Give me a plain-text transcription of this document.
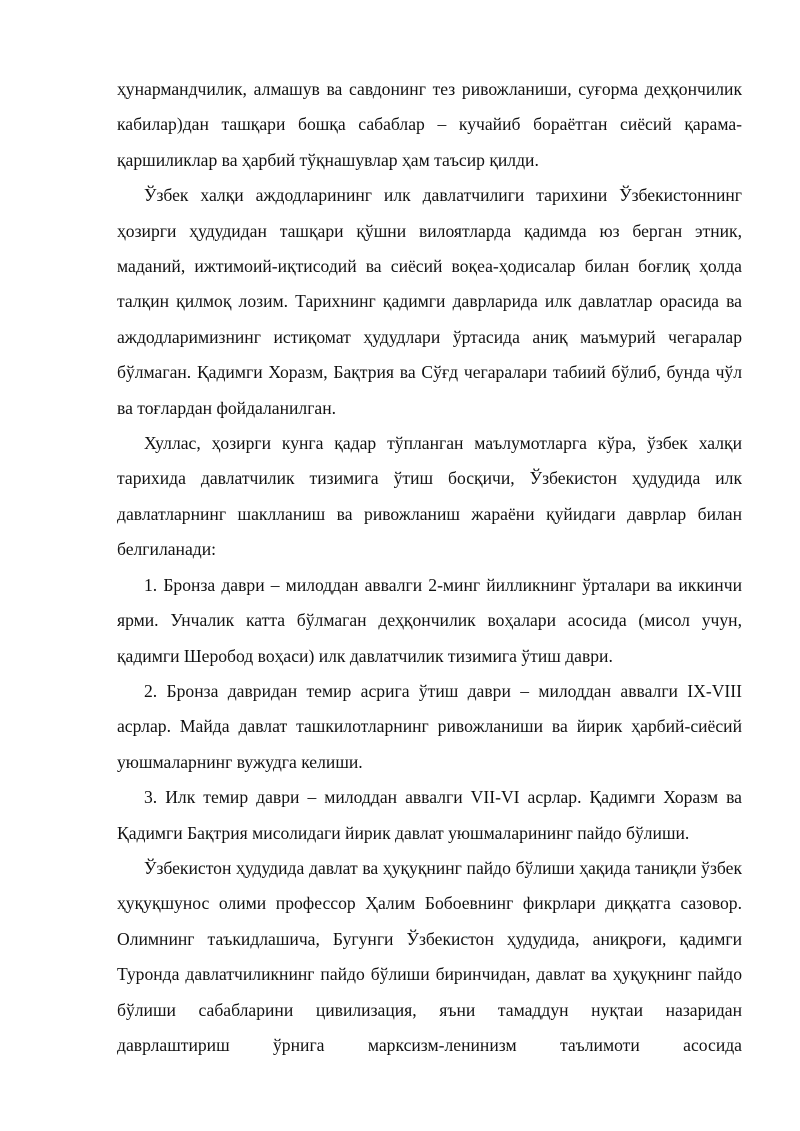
ҳунармандчилик, алмашув ва савдонинг тез ривожланиши, суғорма деҳқончилик кабилар)дан ташқари бошқа сабаблар – кучайиб бораётган сиёсий қарама-қаршиликлар ва ҳарбий тўқнашувлар ҳам таъсир қилди.

Ўзбек халқи аждодларининг илк давлатчилиги тарихини Ўзбекистоннинг ҳозирги ҳудудидан ташқари қўшни вилоятларда қадимда юз берган этник, маданий, ижтимоий-иқтисодий ва сиёсий воқеа-ҳодисалар билан боғлиқ ҳолда талқин қилмоқ лозим. Тарихнинг қадимги даврларида илк давлатлар орасида ва аждодларимизнинг истиқомат ҳудудлари ўртасида аниқ маъмурий чегаралар бўлмаган. Қадимги Хоразм, Бақтрия ва Сўғд чегаралари табиий бўлиб, бунда чўл ва тоғлардан фойдаланилган.

Хуллас, ҳозирги кунга қадар тўпланган маълумотларга кўра, ўзбек халқи тарихида давлатчилик тизимига ўтиш босқичи, Ўзбекистон ҳудудида илк давлатларнинг шаклланиш ва ривожланиш жараёни қуйидаги даврлар билан белгиланади:

1. Бронза даври – милоддан аввалги 2-минг йилликнинг ўрталари ва иккинчи ярми. Унчалик катта бўлмаган деҳқончилик воҳалари асосида (мисол учун, қадимги Шеробод воҳаси) илк давлатчилик тизимига ўтиш даври.

2. Бронза давридан темир асрига ўтиш даври – милоддан аввалги IX-VIII асрлар. Майда давлат ташкилотларнинг ривожланиши ва йирик ҳарбий-сиёсий уюшмаларнинг вужудга келиши.

3. Илк темир даври – милоддан аввалги VII-VI асрлар. Қадимги Хоразм ва Қадимги Бақтрия мисолидаги йирик давлат уюшмаларининг пайдо бўлиши.

Ўзбекистон ҳудудида давлат ва ҳуқуқнинг пайдо бўлиши ҳақида таниқли ўзбек ҳуқуқшунос олими профессор Ҳалим Бобоевнинг фикрлари диққатга сазовор. Олимнинг таъкидлашича, Бугунги Ўзбекистон ҳудудида, аниқроғи, қадимги Туронда давлатчиликнинг пайдо бўлиши биринчидан, давлат ва ҳуқуқнинг пайдо бўлиши сабабларини цивилизация, яъни тамаддун нуқтаи назаридан даврлаштириш ўрнига марксизм-ленинизм таълимоти асосида
